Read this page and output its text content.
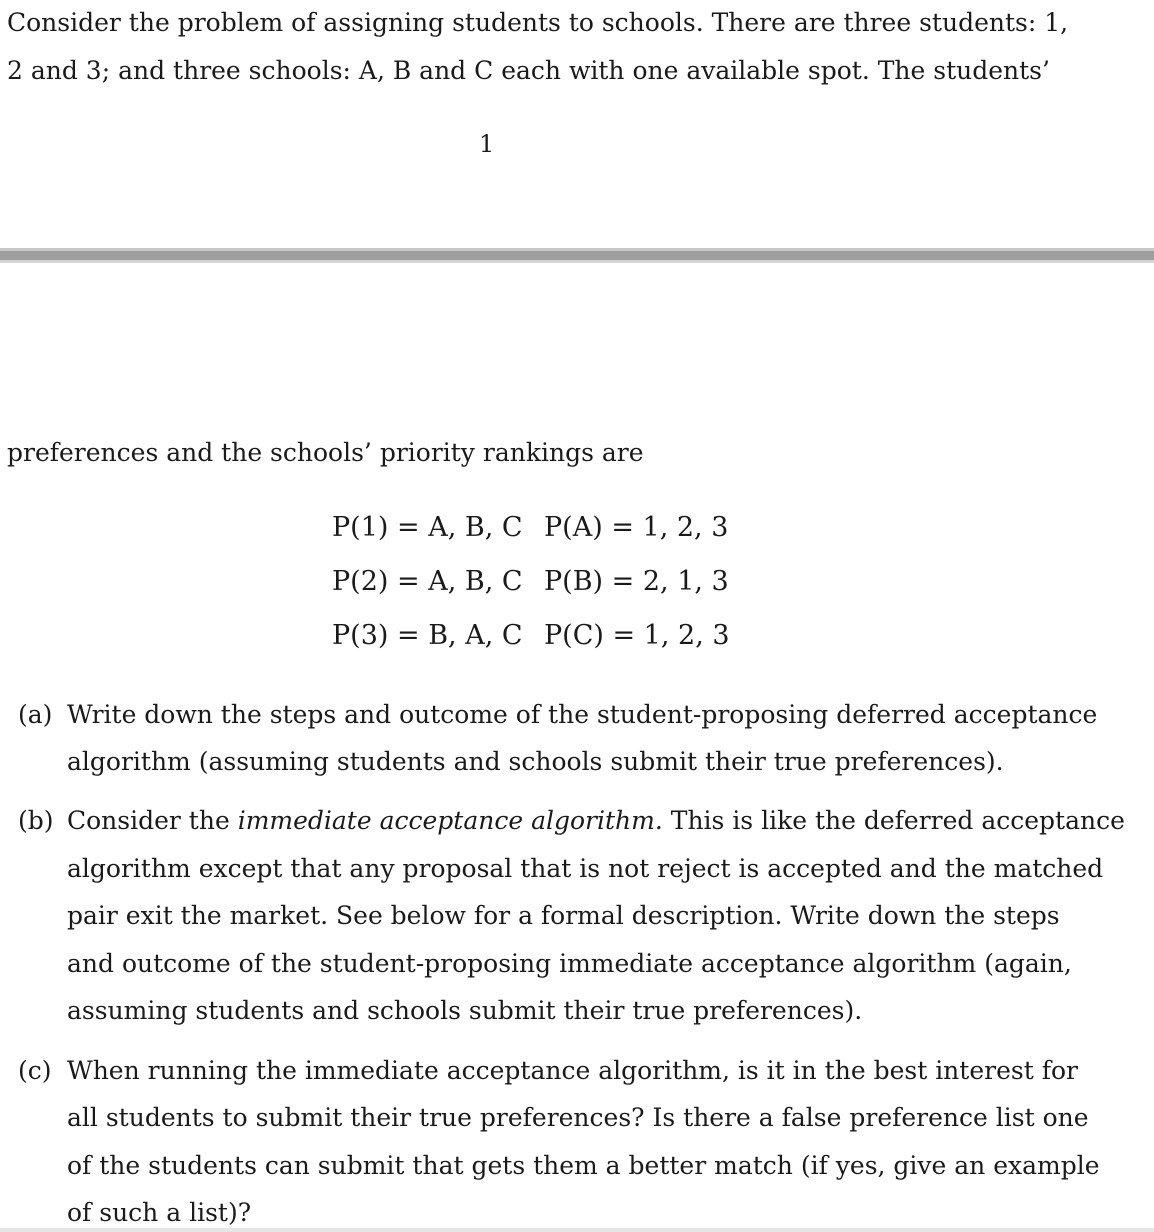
Consider the problem of assigning students to schools. There are three students: 1,
2 and 3; and three schools: A, B and C each with one available spot. The students’
1
preferences and the schools’ priority rankings are
P(1) = A, B, C P(A) = 1, 2, 3
P(2) = A, B, C P(B) = 2, 1, 3
P(3) = B, A, C P(C) = 1, 2, 3
(a) Write down the steps and outcome of the student-proposing deferred acceptance
algorithm (assuming students and schools submit their true preferences).
(b) Consider the immediate acceptance algorithm. This is like the deferred acceptance
algorithm except that any proposal that is not reject is accepted and the matched
pair exit the market. See below for a formal description. Write down the steps
and outcome of the student-proposing immediate acceptance algorithm (again,
assuming students and schools submit their true preferences).
(c) When running the immediate acceptance algorithm, is it in the best interest for
all students to submit their true preferences? Is there a false preference list one
of the students can submit that gets them a better match (if yes, give an example
of such a list)?
